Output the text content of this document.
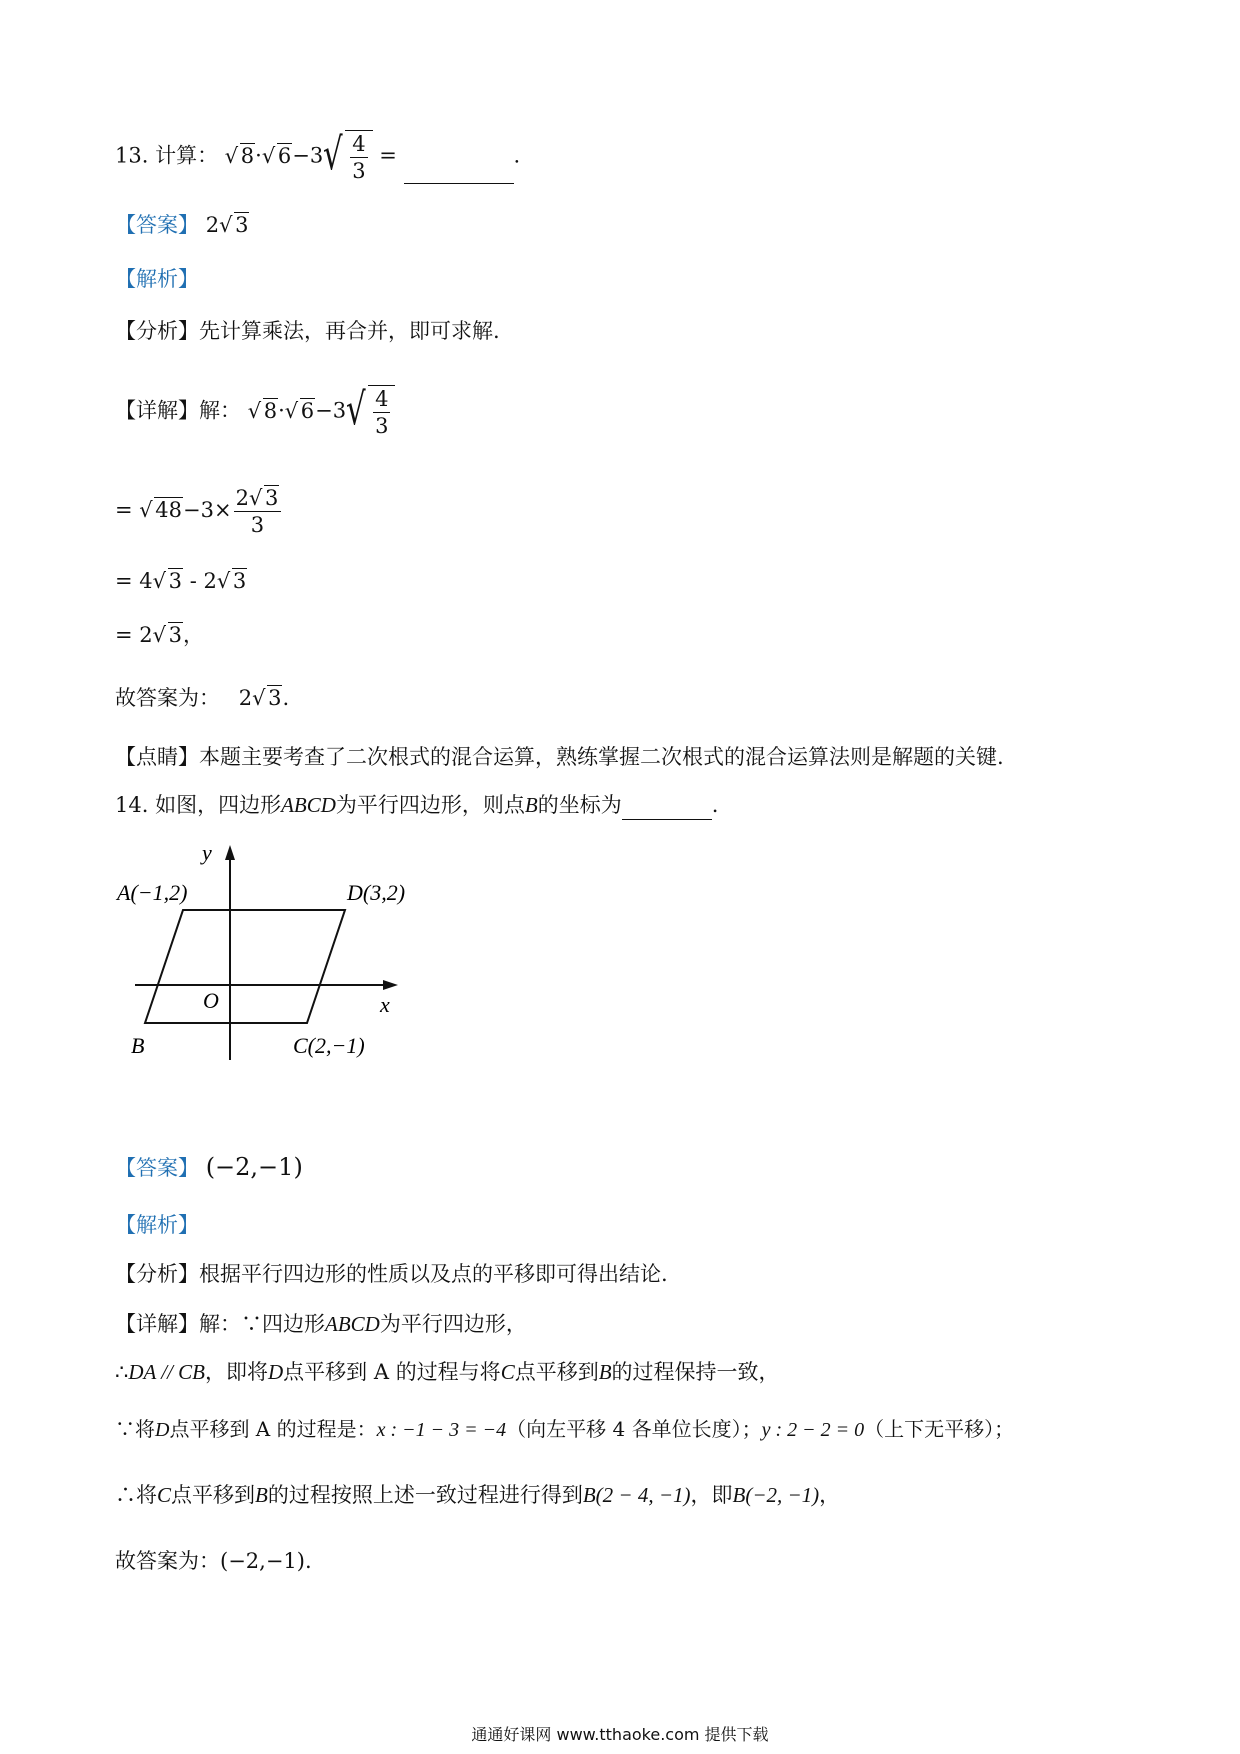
13. 计算： √ 8· √ 6−3 √ $\frac{4}{3}$ =	.
【答案】 2 √ 3
【解析】
【分析】先计算乘法，再合并，即可求解.
【详解】解： √ 8· √ 6−3 √ $\frac{4}{3}$
= √ $48-3\times \frac{2 √ 3}{3}$
= 4 √ 3 - 2 √ 3
= 2 √ 3，
故答案为： 2 √ 3.
【点睛】本题主要考查了二次根式的混合运算，熟练掌握二次根式的混合运算法则是解题的关键.
14. 如图，四边形ABCD为平行四边形，则点B的坐标为	.
y
x
O
A(−1,2)	D(3,2)
B	C(2,−1)
【答案】 (−2,−1)
【解析】
【分析】根据平行四边形的性质以及点的平移即可得出结论.
【详解】解：∵四边形ABCD为平行四边形，
∴DA // CB，即将D点平移到 A 的过程与将C点平移到B的过程保持一致，
∵将D点平移到 A 的过程是：x : −1 − 3 = −4（向左平移 4 各单位长度）；y : 2 − 2 = 0（上下无平移）；
∴将C点平移到B的过程按照上述一致过程进行得到B(2 − 4, −1)，即B(−2, −1)，
故答案为：(−2,−1).
通通好课网 www.tthaoke.com 提供下载
